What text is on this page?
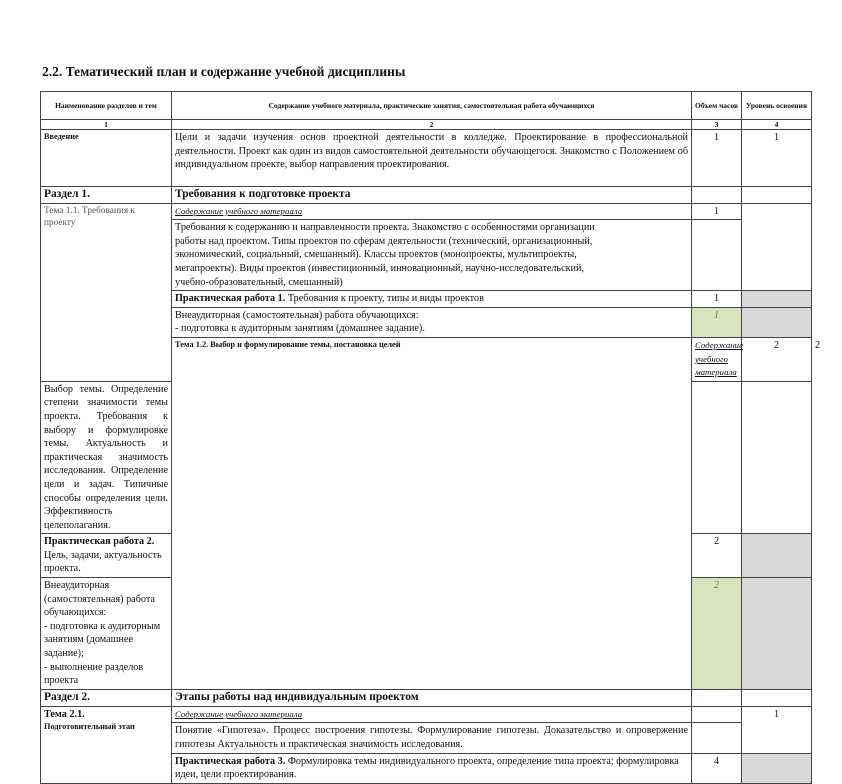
2.2. Тематический план и содержание учебной дисциплины
Наименование разделов и тем	Содержание учебного материала, практические занятия, самостоятельная работа обучающихся	Объем часов	Уровень освоения	
1	2	3	4	
Введение	Цели и задачи изучения основ проектной деятельности в колледже. Проектирование в профессиональной деятельности. Проект как один из видов самостоятельной деятельности обучающегося. Знакомство с Положением об индивидуальном проекте, выбор направления проектирования.	1	1	
Раздел 1.	Требования к подготовке проекта			
Тема 1.1. Требования к проекту	Содержание учебного материала	1		

	Требования к содержанию и направленности проекта. Знакомство с особенностями организации
работы над проектом. Типы проектов по сферам деятельности (технический, организационный,
экономический, социальный, смешанный). Классы проектов (монопроекты, мультипроекты,
мегапроекты). Виды проектов (инвестиционный, инновационный, научно-исследовательский,
учебно-образовательный, смешанный)			

	Практическая работа 1. Требования к проекту, типы и виды проектов	1		

	Внеаудиторная (самостоятельная) работа обучающихся:
- подготовка к аудиторным занятиям (домашнее задание).	1		
	Тема 1.2. Выбор и формулирование темы, постановка целей	Содержание учебного материала	2	2
Выбор темы. Определение степени значимости темы проекта. Требования к выбору и формулировке темы. Актуальность и практическая значимость исследования. Определение цели и задач. Типичные способы определения цели. Эффективность целеполагания.				
Практическая работа 2. Цель, задачи, актуальность проекта.		2		

Внеаудиторная (самостоятельная) работа обучающихся:
- подготовка к аудиторным занятиям (домашнее задание);
- выполнение разделов проекта		2		
Раздел 2.	Этапы работы над индивидуальным проектом			

Тема 2.1.
Подготовительный этап	Содержание учебного материала		1	
	Понятие «Гипотеза». Процесс построения гипотезы. Формулирование гипотезы. Доказательство и опровержение гипотезы Актуальность и практическая значимость исследования.			
	Практическая работа 3. Формулировка темы индивидуального проекта, определение типа проекта; формулировка идеи, цели проектирования.	4		
